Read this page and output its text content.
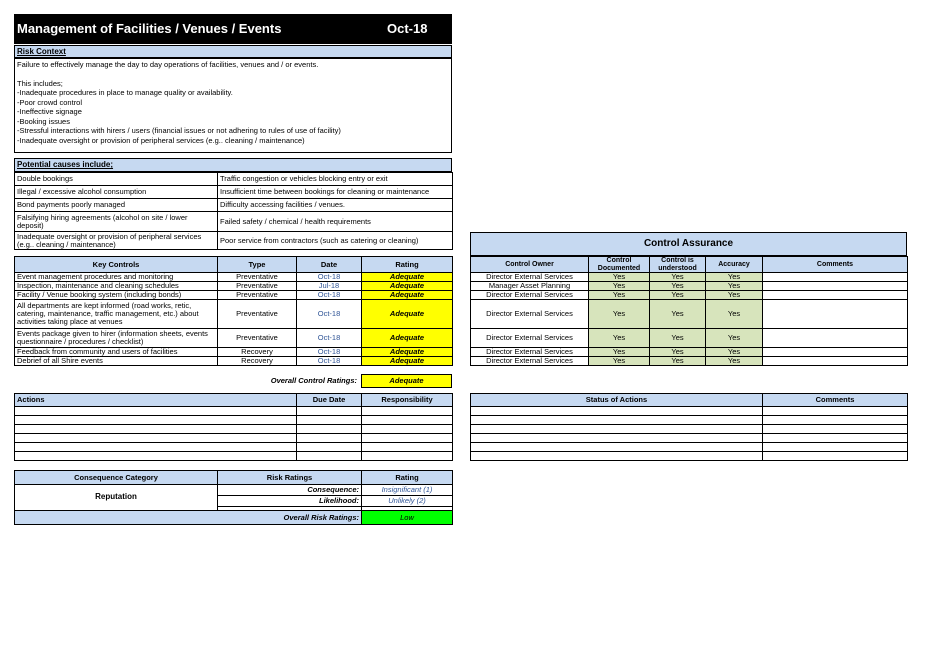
Management of Facilities / Venues / Events	Oct-18
Risk Context
Failure to effectively manage the day to day operations of facilities, venues and / or events.
This includes;
-Inadequate procedures in place to manage quality or availability.
-Poor crowd control
-Ineffective signage
-Booking issues
-Stressful interactions with hirers / users (financial issues or not adhering to rules of use of facility)
-Inadequate oversight or provision of peripheral services (e.g.. cleaning / maintenance)
Potential causes include;
Double bookings	Traffic congestion or vehicles blocking entry or exit
Illegal / excessive alcohol consumption	Insufficient time between bookings for cleaning or maintenance
Bond payments poorly managed	Difficulty accessing facilities / venues.
Falsifying hiring agreements (alcohol on site / lower deposit)	Failed safety / chemical / health requirements
Inadequate oversight or provision of peripheral services (e.g.. cleaning / maintenance)	Poor service from contractors (such as catering or cleaning)
Key Controls	Type	Date	Rating
Event management procedures and monitoring	Preventative	Oct-18	Adequate
Inspection, maintenance and cleaning schedules	Preventative	Jul-18	Adequate
Facility / Venue booking system (including bonds)	Preventative	Oct-18	Adequate
All departments are kept informed (road works, retic, catering, maintenance, traffic management, etc.) about activities taking place at venues	Preventative	Oct-18	Adequate
Events package given to hirer (information sheets, events questionnaire / procedures / checklist)	Preventative	Oct-18	Adequate
Feedback from community and users of facilities	Recovery	Oct-18	Adequate
Debrief of all Shire events	Recovery	Oct-18	Adequate
Overall Control Ratings:	Adequate
Control Assurance
Control Owner	Control Documented	Control is understood	Accuracy	Comments
Director External Services	Yes	Yes	Yes	
Manager Asset Planning	Yes	Yes	Yes	
Director External Services	Yes	Yes	Yes	
Director External Services	Yes	Yes	Yes	
Director External Services	Yes	Yes	Yes	
Director External Services	Yes	Yes	Yes	
Director External Services	Yes	Yes	Yes	
Actions	Due Date	Responsibility

			Status of Actions	Comments

Consequence Category	Risk Ratings	Rating
Reputation	Consequence:	Insignificant (1)
	Likelihood:	Unlikely (2)

Overall Risk Ratings:		Low
